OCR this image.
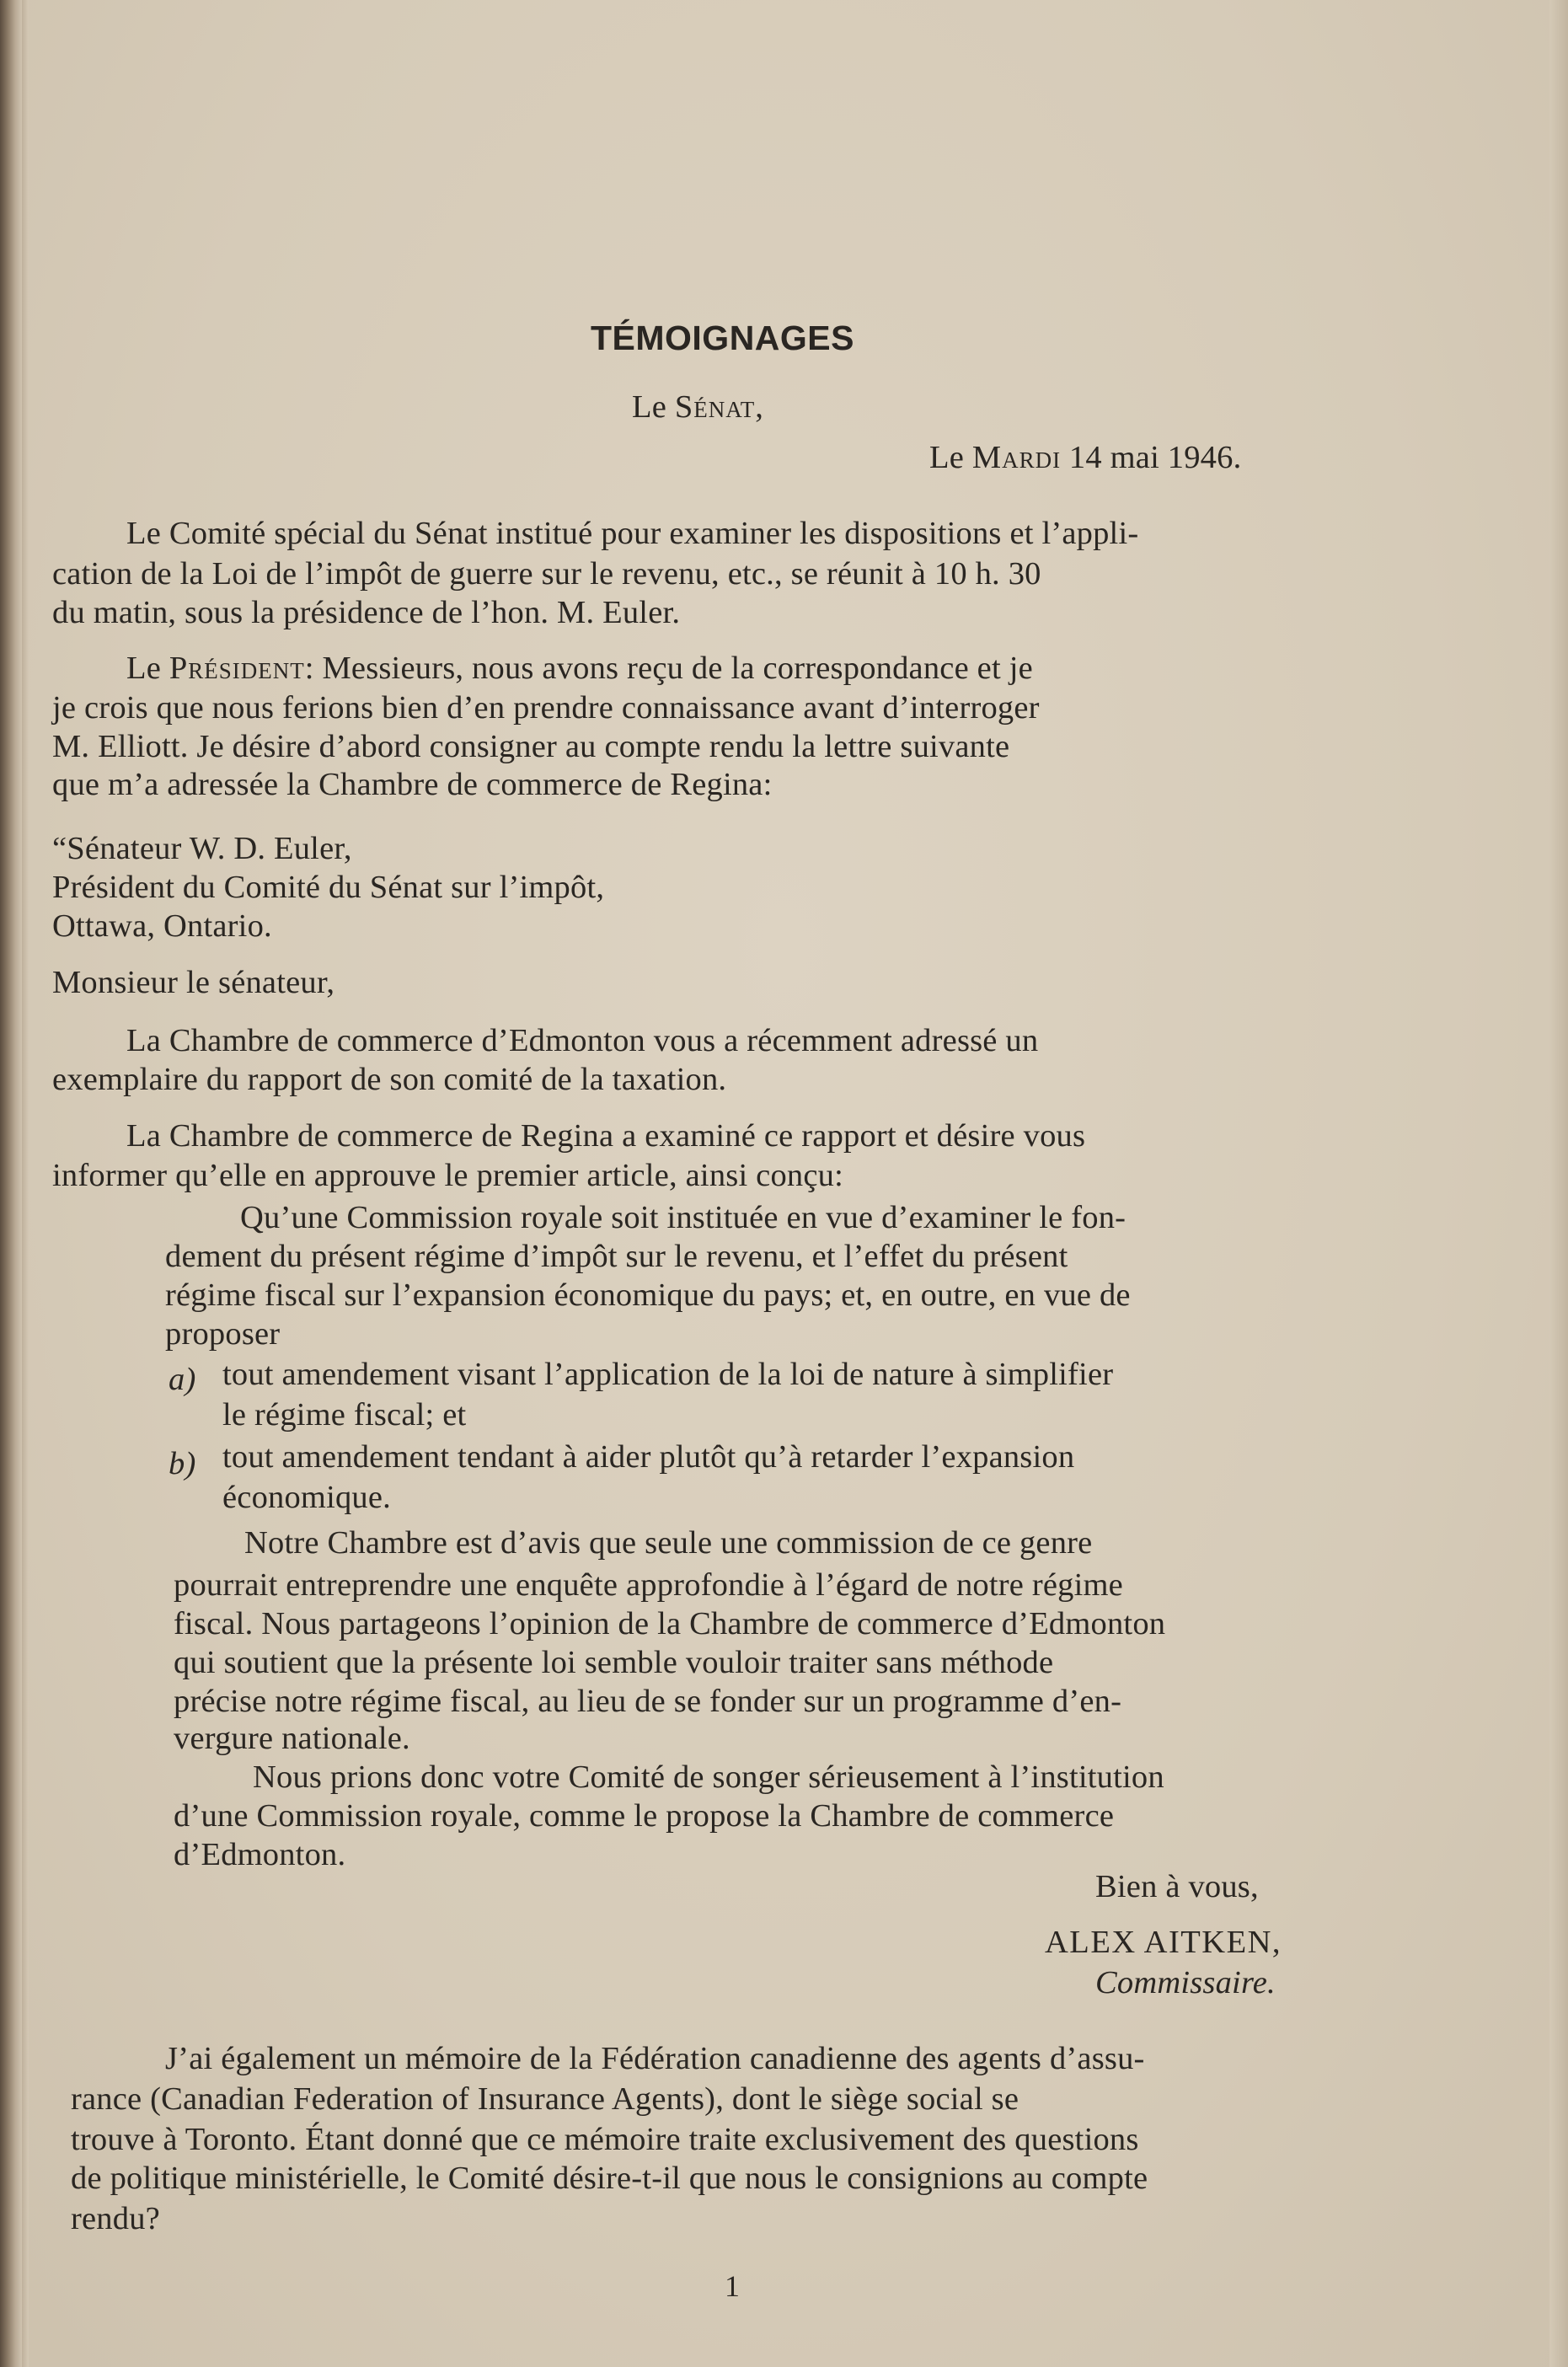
TÉMOIGNAGES
Le Sénat,
Le Mardi 14 mai 1946.
Le Comité spécial du Sénat institué pour examiner les dispositions et l’appli-
cation de la Loi de l’impôt de guerre sur le revenu, etc., se réunit à 10 h. 30
du matin, sous la présidence de l’hon. M. Euler.
Le Président: Messieurs, nous avons reçu de la correspondance et je
je crois que nous ferions bien d’en prendre connaissance avant d’interroger
M. Elliott. Je désire d’abord consigner au compte rendu la lettre suivante
que m’a adressée la Chambre de commerce de Regina:
“Sénateur W. D. Euler,
Président du Comité du Sénat sur l’impôt,
Ottawa, Ontario.
Monsieur le sénateur,
La Chambre de commerce d’Edmonton vous a récemment adressé un
exemplaire du rapport de son comité de la taxation.
La Chambre de commerce de Regina a examiné ce rapport et désire vous
informer qu’elle en approuve le premier article, ainsi conçu:
Qu’une Commission royale soit instituée en vue d’examiner le fon-
dement du présent régime d’impôt sur le revenu, et l’effet du présent
régime fiscal sur l’expansion économique du pays; et, en outre, en vue de
proposer
a) tout amendement visant l’application de la loi de nature à simplifier
le régime fiscal; et
b) tout amendement tendant à aider plutôt qu’à retarder l’expansion
économique.
Notre Chambre est d’avis que seule une commission de ce genre
pourrait entreprendre une enquête approfondie à l’égard de notre régime
fiscal. Nous partageons l’opinion de la Chambre de commerce d’Edmonton
qui soutient que la présente loi semble vouloir traiter sans méthode
précise notre régime fiscal, au lieu de se fonder sur un programme d’en-
vergure nationale.
Nous prions donc votre Comité de songer sérieusement à l’institution
d’une Commission royale, comme le propose la Chambre de commerce
d’Edmonton.
Bien à vous,
ALEX AITKEN,
Commissaire.
J’ai également un mémoire de la Fédération canadienne des agents d’assu-
rance (Canadian Federation of Insurance Agents), dont le siège social se
trouve à Toronto. Étant donné que ce mémoire traite exclusivement des questions
de politique ministérielle, le Comité désire-t-il que nous le consignions au compte
rendu?
1
